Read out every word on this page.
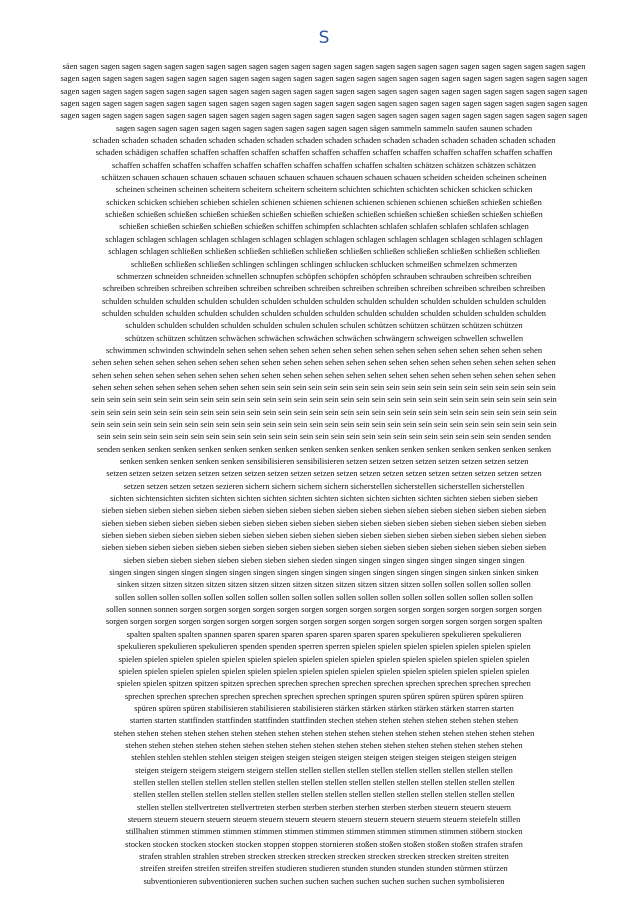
S
säen sagen sagen sagen sagen sagen sagen sagen sagen sagen sagen sagen sagen sagen sagen sagen sagen sagen sagen sagen sagen sagen sagen sagen sagen
sagen sagen sagen sagen sagen sagen sagen sagen sagen sagen sagen sagen sagen sagen sagen sagen sagen sagen sagen sagen sagen sagen sagen sagen sagen
sagen sagen sagen sagen sagen sagen sagen sagen sagen sagen sagen sagen sagen sagen sagen sagen sagen sagen sagen sagen sagen sagen sagen sagen sagen
sagen sagen sagen sagen sagen sagen sagen sagen sagen sagen sagen sagen sagen sagen sagen sagen sagen sagen sagen sagen sagen sagen sagen sagen sagen
sagen sagen sagen sagen sagen sagen sagen sagen sagen sagen sagen sagen sagen sagen sagen sagen sagen sagen sagen sagen sagen sagen sagen sagen sagen
sagen sagen sagen sagen sagen sagen sagen sagen sagen sagen sagen sagen sägen sammeln sammeln saufen saunen schaden
schaden schaden schaden schaden schaden schaden schaden schaden schaden schaden schaden schaden schaden schaden schaden schaden
schaden schädigen schaffen schaffen schaffen schaffen schaffen schaffen schaffen schaffen schaffen schaffen schaffen schaffen schaffen
schaffen schaffen schaffen schaffen schaffen schaffen schaffen schaffen schaffen schalten schätzen schätzen schätzen schätzen
schätzen schauen schauen schauen schauen schauen schauen schauen schauen schauen schauen scheiden scheiden scheinen scheinen
scheinen scheinen scheinen scheitern scheitern scheitern scheitern schichten schichten schichten schicken schicken schicken
schicken schicken schieben schieben schielen schienen schienen schienen schienen schienen schienen schießen schießen schießen
schießen schießen schießen schießen schießen schießen schießen schießen schießen schießen schießen schießen schießen schießen
schießen schießen schießen schießen schießen schiffen schimpfen schlachten schlafen schlafen schlafen schlafen schlagen
schlagen schlagen schlagen schlagen schlagen schlagen schlagen schlagen schlagen schlagen schlagen schlagen schlagen schlagen
schlagen schlagen schließen schließen schließen schließen schließen schließen schließen schließen schließen schließen schließen
schließen schließen schließen schlingen schlingen schlingen schlucken schlucken schmeißen schmelzen schmerzen
schmerzen schneiden schneiden schnellen schnupfen schöpfen schöpfen schöpfen schrauben schrauben schreiben schreiben
schreiben schreiben schreiben schreiben schreiben schreiben schreiben schreiben schreiben schreiben schreiben schreiben schreiben
schulden schulden schulden schulden schulden schulden schulden schulden schulden schulden schulden schulden schulden schulden
schulden schulden schulden schulden schulden schulden schulden schulden schulden schulden schulden schulden schulden schulden
schulden schulden schulden schulden schulden schulen schulen schulen schützen schützen schützen schützen schützen
schützen schützen schützen schwächen schwächen schwächen schwächen schwängern schweigen schwellen schwellen
schwimmen schwinden schwindeln sehen sehen sehen sehen sehen sehen sehen sehen sehen sehen sehen sehen sehen sehen sehen
sehen sehen sehen sehen sehen sehen sehen sehen sehen sehen sehen sehen sehen sehen sehen sehen sehen sehen sehen sehen sehen sehen
sehen sehen sehen sehen sehen sehen sehen sehen sehen sehen sehen sehen sehen sehen sehen sehen sehen sehen sehen sehen sehen sehen
sehen sehen sehen sehen sehen sehen sehen sehen sein sein sein sein sein sein sein sein sein sein sein sein sein sein sein sein sein sein sein
sein sein sein sein sein sein sein sein sein sein sein sein sein sein sein sein sein sein sein sein sein sein sein sein sein sein sein sein sein sein
sein sein sein sein sein sein sein sein sein sein sein sein sein sein sein sein sein sein sein sein sein sein sein sein sein sein sein sein sein sein
sein sein sein sein sein sein sein sein sein sein sein sein sein sein sein sein sein sein sein sein sein sein sein sein sein sein sein sein sein sein
sein sein sein sein sein sein sein sein sein sein sein sein sein sein sein sein sein sein sein sein sein sein sein sein sein sein senden senden
senden senken senken senken senken senken senken senken senken senken senken senken senken senken senken senken senken senken
senken senken senken senken senken sensibilisieren sensibilisieren setzen setzen setzen setzen setzen setzen setzen setzen
setzen setzen setzen setzen setzen setzen setzen setzen setzen setzen setzen setzen setzen setzen setzen setzen setzen setzen setzen
setzen setzen setzen setzen sezieren sichern sichern sichern sichern sicherstellen sicherstellen sicherstellen sicherstellen
sichten sichtensichten sichten sichten sichten sichten sichten sichten sichten sichten sichten sichten sichten sieben sieben sieben
sieben sieben sieben sieben sieben sieben sieben sieben sieben sieben sieben sieben sieben sieben sieben sieben sieben sieben sieben
sieben sieben sieben sieben sieben sieben sieben sieben sieben sieben sieben sieben sieben sieben sieben sieben sieben sieben sieben
sieben sieben sieben sieben sieben sieben sieben sieben sieben sieben sieben sieben sieben sieben sieben sieben sieben sieben sieben
sieben sieben sieben sieben sieben sieben sieben sieben sieben sieben sieben sieben sieben sieben sieben sieben sieben sieben sieben
sieben sieben sieben sieben sieben sieben sieben sieben sieden singen singen singen singen singen singen singen singen
singen singen singen singen singen singen singen singen singen singen singen singen singen singen singen sinken sinken sinken
sinken sitzen sitzen sitzen sitzen sitzen sitzen sitzen sitzen sitzen sitzen sitzen sitzen sitzen sollen sollen sollen sollen sollen
sollen sollen sollen sollen sollen sollen sollen sollen sollen sollen sollen sollen sollen sollen sollen sollen sollen sollen sollen
sollen sonnen sonnen sorgen sorgen sorgen sorgen sorgen sorgen sorgen sorgen sorgen sorgen sorgen sorgen sorgen sorgen sorgen
sorgen sorgen sorgen sorgen sorgen sorgen sorgen sorgen sorgen sorgen sorgen sorgen sorgen sorgen sorgen sorgen sorgen spalten
spalten spalten spalten spannen sparen sparen sparen sparen sparen sparen sparen spekulieren spekulieren spekulieren
spekulieren spekulieren spekulieren spenden spenden sperren sperren spielen spielen spielen spielen spielen spielen spielen
spielen spielen spielen spielen spielen spielen spielen spielen spielen spielen spielen spielen spielen spielen spielen spielen
spielen spielen spielen spielen spielen spielen spielen spielen spielen spielen spielen spielen spielen spielen spielen spielen
spielen spielen spitzen spitzen spitzen sprechen sprechen sprechen sprechen sprechen sprechen sprechen sprechen sprechen
sprechen sprechen sprechen sprechen sprechen sprechen sprechen springen spuren spüren spüren spüren spüren spüren
spüren spüren spüren stabilisieren stabilisieren stabilisieren stärken stärken stärken stärken stärken starren starten
starten starten stattfinden stattfinden stattfinden stattfinden stechen stehen stehen stehen stehen stehen stehen stehen
stehen stehen stehen stehen stehen stehen stehen stehen stehen stehen stehen stehen stehen stehen stehen stehen stehen stehen
stehen stehen stehen stehen stehen stehen stehen stehen stehen stehen stehen stehen stehen stehen stehen stehen stehen
stehlen stehlen stehlen stehlen steigen steigen steigen steigen steigen steigen steigen steigen steigen steigen steigen
steigen steigern steigern steigern steigern stellen stellen stellen stellen stellen stellen stellen stellen stellen stellen
stellen stellen stellen stellen stellen stellen stellen stellen stellen stellen stellen stellen stellen stellen stellen stellen
stellen stellen stellen stellen stellen stellen stellen stellen stellen stellen stellen stellen stellen stellen stellen stellen
stellen stellen stellvertreten stellvertreten sterben sterben sterben sterben sterben sterben steuern steuern steuern
steuern steuern steuern steuern steuern steuern steuern steuern steuern steuern steuern steuern steuern steiefeln stillen
stillhalten stimmen stimmen stimmen stimmen stimmen stimmen stimmen stimmen stimmen stimmen stöbern stocken
stocken stocken stocken stocken stocken stoppen stoppen stornieren stoßen stoßen stoßen stoßen stoßen strafen strafen
strafen strahlen strahlen streben strecken strecken strecken strecken strecken strecken strecken streiten streiten
streifen streifen streifen streifen streifen studieren studieren stunden stunden stunden stunden stürmen stürzen
subventionieren subventionieren suchen suchen suchen suchen suchen suchen suchen suchen symbolisieren
